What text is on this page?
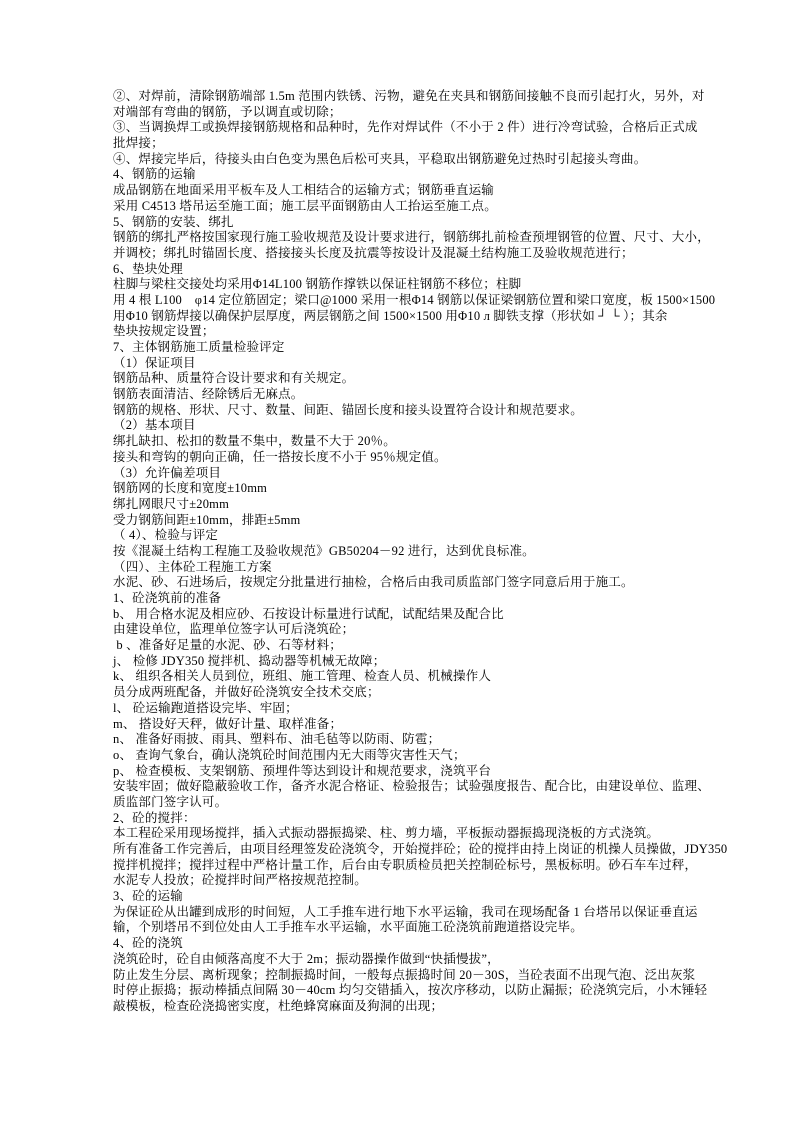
②、对焊前，清除钢筋端部 1.5m 范围内铁锈、污物，避免在夹具和钢筋间接触不良而引起打火，另外，对
对端部有弯曲的钢筋，予以调直或切除；
③、当调换焊工或换焊接钢筋规格和品种时，先作对焊试件（不小于 2 件）进行冷弯试验，合格后正式成
批焊接；
④、焊接完毕后，待接头由白色变为黑色后松可夹具，平稳取出钢筋避免过热时引起接头弯曲。
4、钢筋的运输
成品钢筋在地面采用平板车及人工相结合的运输方式；钢筋垂直运输
采用 C4513 塔吊运至施工面；施工层平面钢筋由人工抬运至施工点。
5、钢筋的安装、绑扎
钢筋的绑扎严格按国家现行施工验收规范及设计要求进行，钢筋绑扎前检查预埋钢管的位置、尺寸、大小，
并调校；绑扎时锚固长度、搭接接头长度及抗震等按设计及混凝土结构施工及验收规范进行；
6、垫块处理
柱脚与梁柱交接处均采用Φ14L100 钢筋作撑铁以保证柱钢筋不移位；柱脚
用 4 根 L100　φ14 定位筋固定；梁口@1000 采用一根Φ14 钢筋以保证梁钢筋位置和梁口宽度，板 1500×1500
用Φ10 钢筋焊接以确保护层厚度，两层钢筋之间 1500×1500 用Φ10 л 脚铁支撑（形状如 ┘ └ ）；其余
垫块按规定设置；
7、主体钢筋施工质量检验评定
（1）保证项目
钢筋品种、质量符合设计要求和有关规定。
钢筋表面清洁、经除锈后无麻点。
钢筋的规格、形状、尺寸、数量、间距、锚固长度和接头设置符合设计和规范要求。
（2）基本项目
绑扎缺扣、松扣的数量不集中，数量不大于 20％。
接头和弯钩的朝向正确，任一搭按长度不小于 95％规定值。
（3）允许偏差项目
钢筋网的长度和宽度±10mm
绑扎网眼尺寸±20mm
受力钢筋间距±10mm，排距±5mm
（ 4）、检验与评定
按《混凝土结构工程施工及验收规范》GB50204－92 进行，达到优良标准。
（四）、主体砼工程施工方案
水泥、砂、石进场后，按规定分批量进行抽检，合格后由我司质监部门签字同意后用于施工。
1、砼浇筑前的准备
b、 用合格水泥及相应砂、石按设计标量进行试配，试配结果及配合比
由建设单位，监理单位签字认可后浇筑砼；
b 、准备好足量的水泥、砂、石等材料；
j、 检修 JDY350 搅拌机、捣动器等机械无故障；
k、 组织各相关人员到位，班组、施工管理、检查人员、机械操作人
员分成两班配备，并做好砼浇筑安全技术交底；
l、 砼运输跑道搭设完毕、牢固；
m、 搭设好天秤，做好计量、取样准备；
n、 准备好雨披、雨具、塑料布、油毛毡等以防雨、防雹；
o、 查询气象台，确认浇筑砼时间范围内无大雨等灾害性天气；
p、 检查模板、支架钢筋、预埋件等达到设计和规范要求，浇筑平台
安装牢固；做好隐蔽验收工作，备齐水泥合格证、检验报告；试验强度报告、配合比，由建设单位、监理、
质监部门签字认可。
2、砼的搅拌：
本工程砼采用现场搅拌，插入式振动器振捣梁、柱、剪力墙，平板振动器振捣现浇板的方式浇筑。
所有准备工作完善后，由项目经理签发砼浇筑令，开始搅拌砼；砼的搅拌由持上岗证的机操人员操做，JDY350
搅拌机搅拌；搅拌过程中严格计量工作，后台由专职质检员把关控制砼标号，黑板标明。砂石车车过秤，
水泥专人投放；砼搅拌时间严格按规范控制。
3、砼的运输
为保证砼从出罐到成形的时间短，人工手推车进行地下水平运输，我司在现场配备 1 台塔吊以保证垂直运
输，个别塔吊不到位处由人工手推车水平运输，水平面施工砼浇筑前跑道搭设完毕。
4、砼的浇筑
浇筑砼时，砼自由倾落高度不大于 2m；振动器操作做到“快插慢拔”，
防止发生分层、离析现象；控制振捣时间，一般每点振捣时间 20－30S，当砼表面不出现气泡、泛出灰浆
时停止振捣；振动棒插点间隔 30－40cm 均匀交错插入，按次序移动，以防止漏振；砼浇筑完后，小木锤轻
敲模板，检查砼浇捣密实度，杜绝蜂窝麻面及狗洞的出现；
